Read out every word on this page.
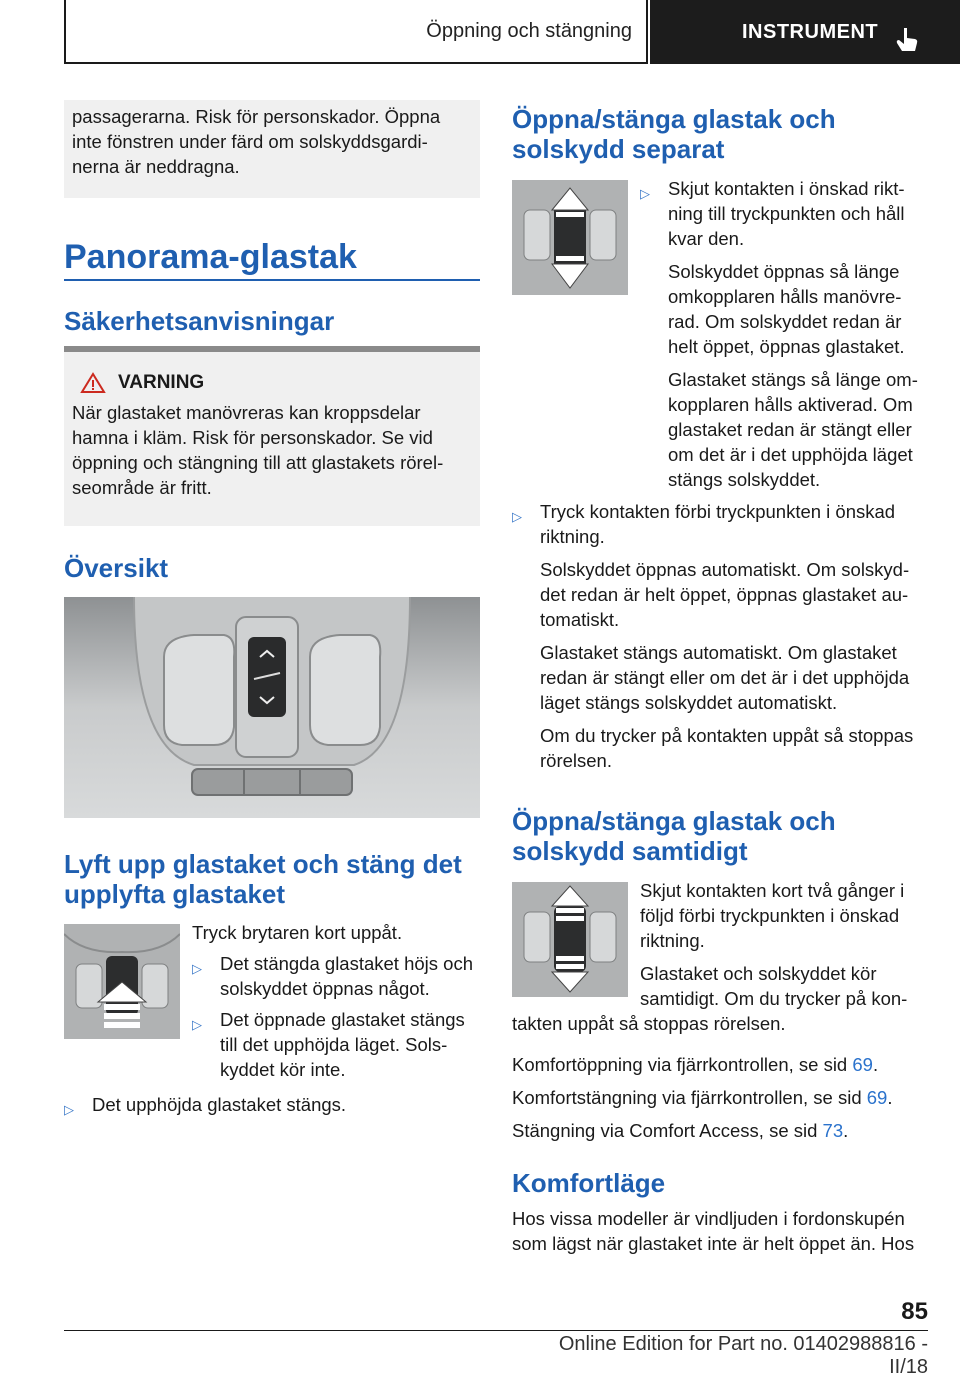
Öppning och stängning	INSTRUMENT

passagerarna. Risk för personskador. Öppna inte fönstren under färd om solskyddsgardi‐nerna är neddragna.

Panorama-glastak
Säkerhetsanvisningar
VARNING

När glastaket manövreras kan kroppsdelar hamna i kläm. Risk för personskador. Se vid öppning och stängning till att glastakets rörel‐seområde är fritt.

Översikt
Lyft upp glastaket och stäng det upplyfta glastaket

Tryck brytaren kort uppåt.

▷ Det stängda glastaket höjs och solskyddet öppnas något.
▷ Det öppnade glastaket stängs till det upphöjda läget. Sols‐kyddet kör inte.
▷ Det upphöjda glastaket stängs.
Öppna/stänga glastak och solskydd separat
▷ Skjut kontakten i önskad rikt‐ning till tryckpunkten och håll kvar den.

Solskyddet öppnas så länge omkopplaren hålls manövre‐rad. Om solskyddet redan är helt öppet, öppnas glastaket.

Glastaket stängs så länge om‐kopplaren hålls aktiverad. Om glastaket redan är stängt eller om det är i det upphöjda läget stängs solskyddet.

▷ Tryck kontakten förbi tryckpunkten i önskad riktning.

Solskyddet öppnas automatiskt. Om solskyd‐det redan är helt öppet, öppnas glastaket au‐tomatiskt.

Glastaket stängs automatiskt. Om glastaket redan är stängt eller om det är i det upphöjda läget stängs solskyddet automatiskt.

Om du trycker på kontakten uppåt så stoppas rörelsen.

Öppna/stänga glastak och solskydd samtidigt

Skjut kontakten kort två gånger i följd förbi tryckpunkten i önskad riktning.

Glastaket och solskyddet kör samtidigt. Om du trycker på kon‐

takten uppåt så stoppas rörelsen.

Komfortöppning via fjärrkontrollen, se sid 69.

Komfortstängning via fjärrkontrollen, se sid 69.

Stängning via Comfort Access, se sid 73.

Komfortläge

Hos vissa modeller är vindljuden i fordonskupén som lägst när glastaket inte är helt öppet än. Hos

85
Online Edition for Part no. 01402988816 - II/18
